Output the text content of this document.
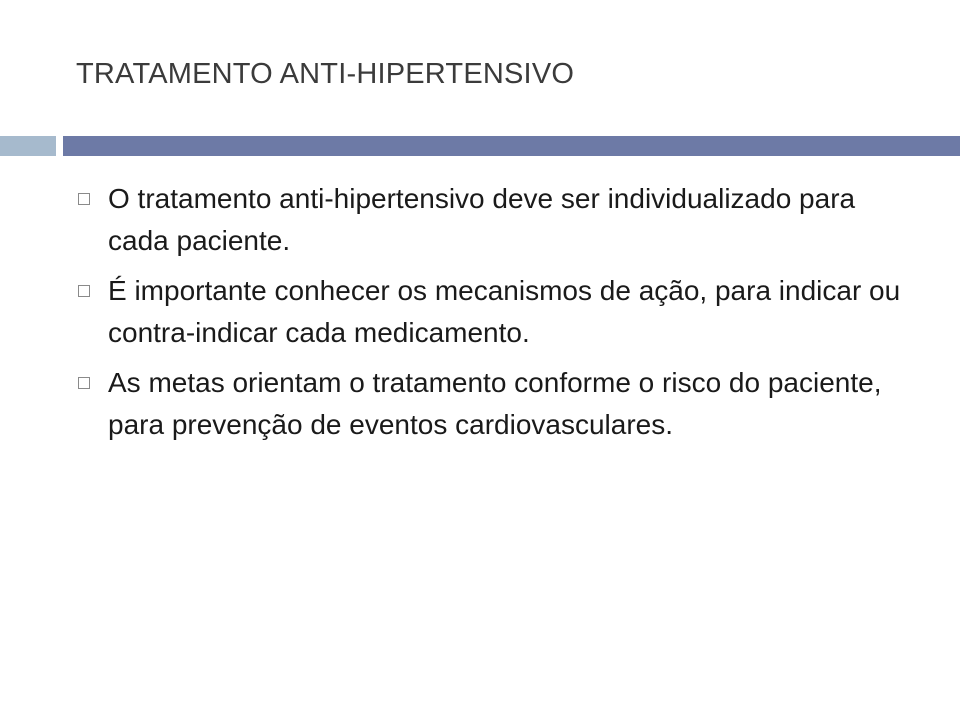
TRATAMENTO ANTI-HIPERTENSIVO
O tratamento anti-hipertensivo deve ser individualizado para cada paciente.
É importante conhecer os mecanismos de ação, para indicar ou contra-indicar cada medicamento.
As metas orientam o tratamento conforme o risco do paciente, para prevenção de eventos cardiovasculares.
